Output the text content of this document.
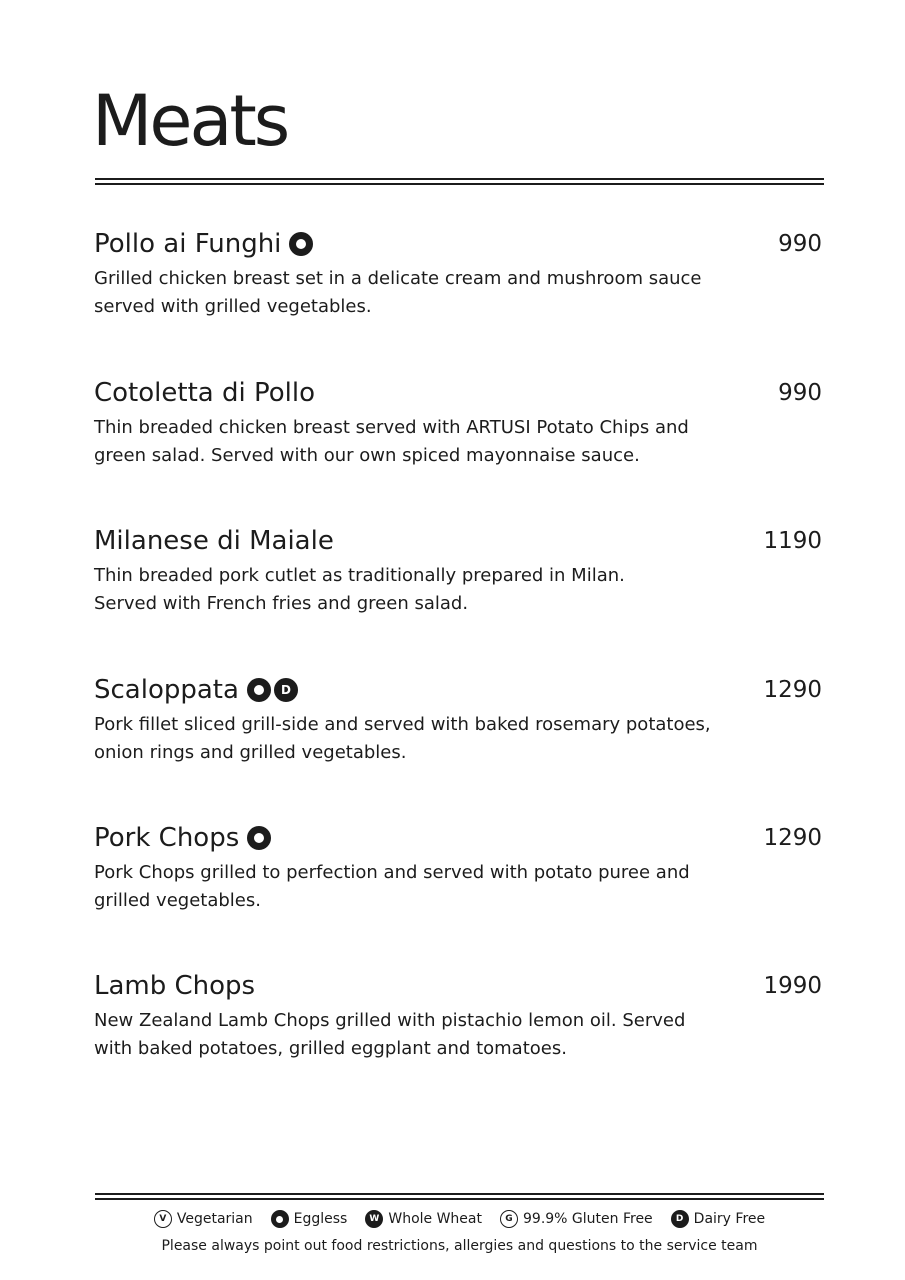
Meats
Pollo ai Funghi	990
Grilled chicken breast set in a delicate cream and mushroom sauce
served with grilled vegetables.
Cotoletta di Pollo	990
Thin breaded chicken breast served with ARTUSI Potato Chips and
green salad. Served with our own spiced mayonnaise sauce.
Milanese di Maiale	1190
Thin breaded pork cutlet as traditionally prepared in Milan.
Served with French fries and green salad.
Scaloppata	D	1290
Pork fillet sliced grill-side and served with baked rosemary potatoes,
onion rings and grilled vegetables.
Pork Chops	1290
Pork Chops grilled to perfection and served with potato puree and
grilled vegetables.
Lamb Chops	1990
New Zealand Lamb Chops grilled with pistachio lemon oil. Served
with baked potatoes, grilled eggplant and tomatoes.
V Vegetarian	Eggless	W Whole Wheat	G 99.9% Gluten Free	D Dairy Free
Please always point out food restrictions, allergies and questions to the service team
